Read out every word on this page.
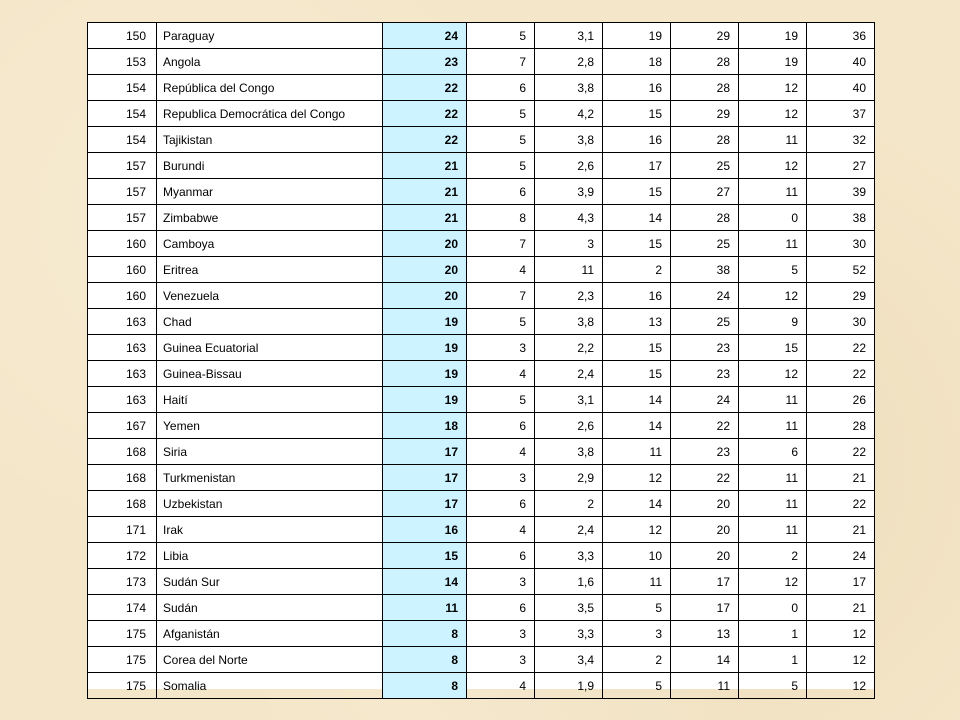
150	Paraguay	24	5	3,1	19	29	19	36
153	Angola	23	7	2,8	18	28	19	40
154	República del Congo	22	6	3,8	16	28	12	40
154	Republica Democrática del Congo	22	5	4,2	15	29	12	37
154	Tajikistan	22	5	3,8	16	28	11	32
157	Burundi	21	5	2,6	17	25	12	27
157	Myanmar	21	6	3,9	15	27	11	39
157	Zimbabwe	21	8	4,3	14	28	0	38
160	Camboya	20	7	3	15	25	11	30
160	Eritrea	20	4	11	2	38	5	52
160	Venezuela	20	7	2,3	16	24	12	29
163	Chad	19	5	3,8	13	25	9	30
163	Guinea Ecuatorial	19	3	2,2	15	23	15	22
163	Guinea-Bissau	19	4	2,4	15	23	12	22
163	Haití	19	5	3,1	14	24	11	26
167	Yemen	18	6	2,6	14	22	11	28
168	Siria	17	4	3,8	11	23	6	22
168	Turkmenistan	17	3	2,9	12	22	11	21
168	Uzbekistan	17	6	2	14	20	11	22
171	Irak	16	4	2,4	12	20	11	21
172	Libia	15	6	3,3	10	20	2	24
173	Sudán Sur	14	3	1,6	11	17	12	17
174	Sudán	11	6	3,5	5	17	0	21
175	Afganistán	8	3	3,3	3	13	1	12
175	Corea del Norte	8	3	3,4	2	14	1	12
175	Somalia	8	4	1,9	5	11	5	12
